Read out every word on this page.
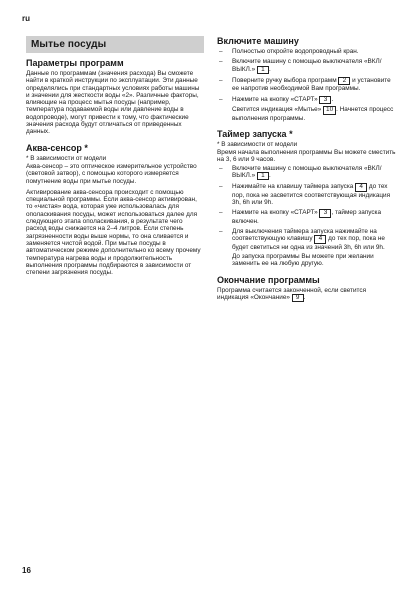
ru
Мытье посуды
Параметры программ

Данные по программам (значения расхода) Вы сможете найти в краткой инструкции по эксплуатации. Эти данные определялись при стандартных условиях работы машины и значении для жесткости воды «2». Различные факторы, влияющие на процесс мытья посуды (например, температура подаваемой воды или давление воды в водопроводе), могут привести к тому, что фактические значения расхода будут отличаться от приведенных данных.

Аква-сенсор *

* В зависимости от модели

Аква-сенсор – это оптическое измерительное устройство (световой затвор), с помощью которого измеряется помутнение воды при мытье посуды.

Активирование аква-сенсора происходит с помощью специальной программы. Если аква-сенсор активирован, то «чистая» вода, которая уже использовалась для ополаскивания посуды, может использоваться далее для следующего этапа ополаскивания, в результате чего расход воды снижается на 2–4 литров. Если степень загрязненности воды выше нормы, то она сливается и заменяется чистой водой. При мытье посуды в автоматическом режиме дополнительно ко всему прочему температура нагрева воды и продолжительность выполнения программы подбираются в зависимости от степени загрязнения посуды.

Включите машину
– Полностью откройте водопроводный кран.
– Включите машину с помощью выключателя «ВКЛ/ВЫКЛ.» 1 .
– Поверните ручку выбора программ 2 и установите ее напротив необходимой Вам программы.
– Нажмите на кнопку «СТАРТ» 3 .
Светится индикация «Мытье» 10 . Начнется процесс выполнения программы.
Таймер запуска *

* В зависимости от модели

Время начала выполнения программы Вы можете сместить на 3, 6 или 9 часов.

– Включите машину с помощью выключателя «ВКЛ/ВЫКЛ.» 1 .
– Нажимайте на клавишу таймера запуска 4 до тех пор, пока не засветится соответствующая индикация 3h, 6h или 9h.
– Нажмите на кнопку «СТАРТ» 3 , таймер запуска включен.
– Для выключения таймера запуска нажимайте на соответствующую клавишу 4 до тех пор, пока не будет светиться ни одна из значений 3h, 6h или 9h.
До запуска программы Вы можете при желании заменить ее на любую другую.
Окончание программы

Программа считается законченной, если светится индикация «Окончание» 9 .

16
